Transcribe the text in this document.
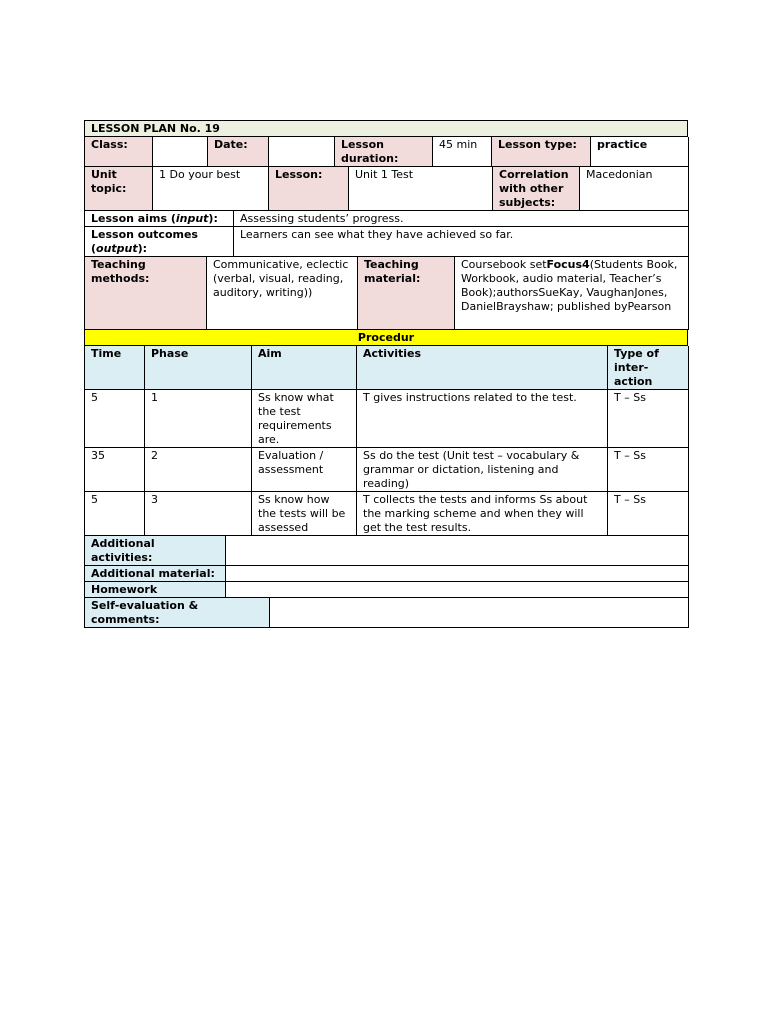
LESSON PLAN No. 19
Class:		Date:		Lesson duration:	45 min	Lesson type:	practice
Unit topic:	1 Do your best	Lesson:	Unit 1 Test	Correlation with other subjects:	Macedonian
Lesson aims (input):	Assessing students’ progress.
Lesson outcomes (output):	Learners can see what they have achieved so far.
Teaching methods:	Communicative, eclectic (verbal, visual, reading, auditory, writing))	Teaching material:	Coursebook setFocus4(Students Book, Workbook, audio material, Teacher’s Book);authorsSueKay, VaughanJones, DanielBrayshaw; published byPearson
Procedur
Time	Phase	Aim	Activities	Type of inter-action
5	1	Ss know what the test requirements are.	T gives instructions related to the test.	T – Ss
35	2	Evaluation / assessment	Ss do the test (Unit test – vocabulary & grammar or dictation, listening and reading)	T – Ss
5	3	Ss know how the tests will be assessed	T collects the tests and informs Ss about the marking scheme and when they will get the test results.	T – Ss
Additional activities:	
Additional material:	
Homework	
Self-evaluation & comments:	
